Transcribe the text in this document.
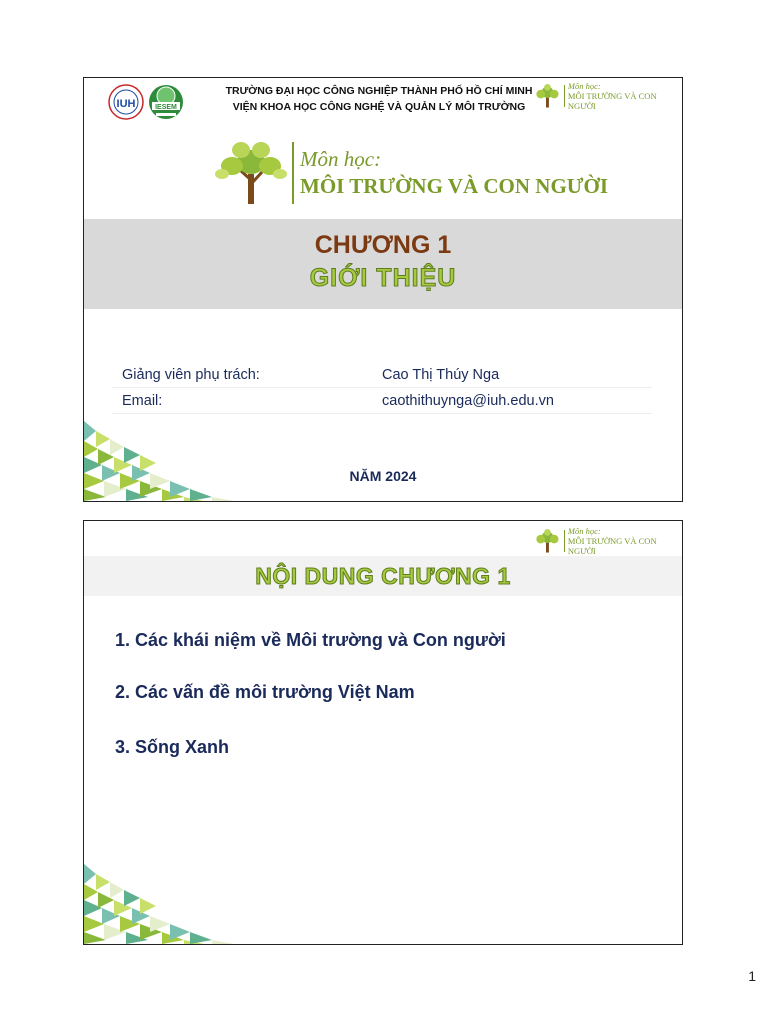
IUH	IESEM
TRƯỜNG ĐẠI HỌC CÔNG NGHIỆP THÀNH PHỐ HỒ CHÍ MINH
VIỆN KHOA HỌC CÔNG NGHỆ VÀ QUẢN LÝ MÔI TRƯỜNG
Môn học:
MÔI TRƯỜNG VÀ CON NGƯỜI
Môn học:
MÔI TRƯỜNG VÀ CON NGƯỜI
CHƯƠNG 1
GIỚI THIỆU
Giảng viên phụ trách:	Cao Thị Thúy Nga
Email:	caothithuynga@iuh.edu.vn
NĂM 2024
Môn học:
MÔI TRƯỜNG VÀ CON NGƯỜI
NỘI DUNG CHƯƠNG 1
1. Các khái niệm về Môi trường và Con người
2. Các vấn đề môi trường Việt Nam
3. Sống Xanh
1
